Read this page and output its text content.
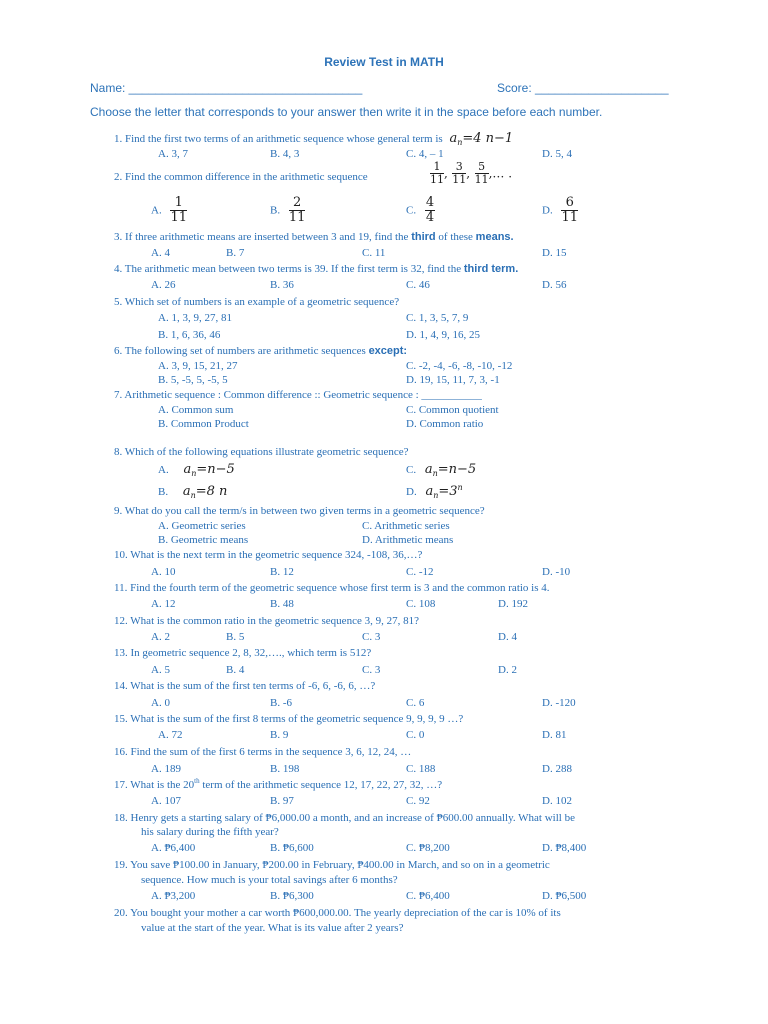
Review Test in MATH
Name: ___________________________________	Score: ____________________
Choose the letter that corresponds to your answer then write it in the space before each number.
1. Find the first two terms of an arithmetic sequence whose general term is $a_n=4$ n−1
A. 3, 7	B. 4, 3	C. 4, – 1	D. 5, 4
2. Find the common difference in the arithmetic sequence	$\frac{1}{11}$ , $\frac{3}{11}$ , $\frac{5}{11}$ ,… .
A. $\frac{1}{11}$	B. $\frac{2}{11}$	C. $\frac{4}{4}$	D. $\frac{6}{11}$
3. If three arithmetic means are inserted between 3 and 19, find the third of these means.
A. 4	B. 7	C. 11	D. 15
4. The arithmetic mean between two terms is 39. If the first term is 32, find the third term.
A. 26	B. 36	C. 46	D. 56
5. Which set of numbers is an example of a geometric sequence?
A. 1, 3, 9, 27, 81	C. 1, 3, 5, 7, 9
B. 1, 6, 36, 46	D. 1, 4, 9, 16, 25
6. The following set of numbers are arithmetic sequences except:
A. 3, 9, 15, 21, 27	C. -2, -4, -6, -8, -10, -12
B. 5, -5, 5, -5, 5	D. 19, 15, 11, 7, 3, -1
7. Arithmetic sequence : Common difference :: Geometric sequence : ___________
A. Common sum	C. Common quotient
B. Common Product	D. Common ratio
8. Which of the following equations illustrate geometric sequence?
A. $a_n=n-5$	C. $a_n=n-5$
B. $a_n=8$ n	D. $a_n=3^n$
9. What do you call the term/s in between two given terms in a geometric sequence?
A. Geometric series	C. Arithmetic series
B. Geometric means	D. Arithmetic means
10. What is the next term in the geometric sequence 324, -108, 36,…?
A. 10	B. 12	C. -12	D. -10
11. Find the fourth term of the geometric sequence whose first term is 3 and the common ratio is 4.
A. 12	B. 48	C. 108	D. 192
12. What is the common ratio in the geometric sequence 3, 9, 27, 81?
A. 2	B. 5	C. 3	D. 4
13. In geometric sequence 2, 8, 32,…., which term is 512?
A. 5	B. 4	C. 3	D. 2
14. What is the sum of the first ten terms of -6, 6, -6, 6, …?
A. 0	B. -6	C. 6	D. -120
15. What is the sum of the first 8 terms of the geometric sequence 9, 9, 9, 9 …?
A. 72	B. 9	C. 0	D. 81
16. Find the sum of the first 6 terms in the sequence 3, 6, 12, 24, …
A. 189	B. 198	C. 188	D. 288
17. What is the 20th term of the arithmetic sequence 12, 17, 22, 27, 32, …?
A. 107	B. 97	C. 92	D. 102
18. Henry gets a starting salary of ₱6,000.00 a month, and an increase of ₱600.00 annually. What will be
his salary during the fifth year?
A. ₱6,400	B. ₱6,600	C. ₱8,200	D. ₱8,400
19. You save ₱100.00 in January, ₱200.00 in February, ₱400.00 in March, and so on in a geometric
sequence. How much is your total savings after 6 months?
A. ₱3,200	B. ₱6,300	C. ₱6,400	D. ₱6,500
20. You bought your mother a car worth ₱600,000.00. The yearly depreciation of the car is 10% of its
value at the start of the year. What is its value after 2 years?
